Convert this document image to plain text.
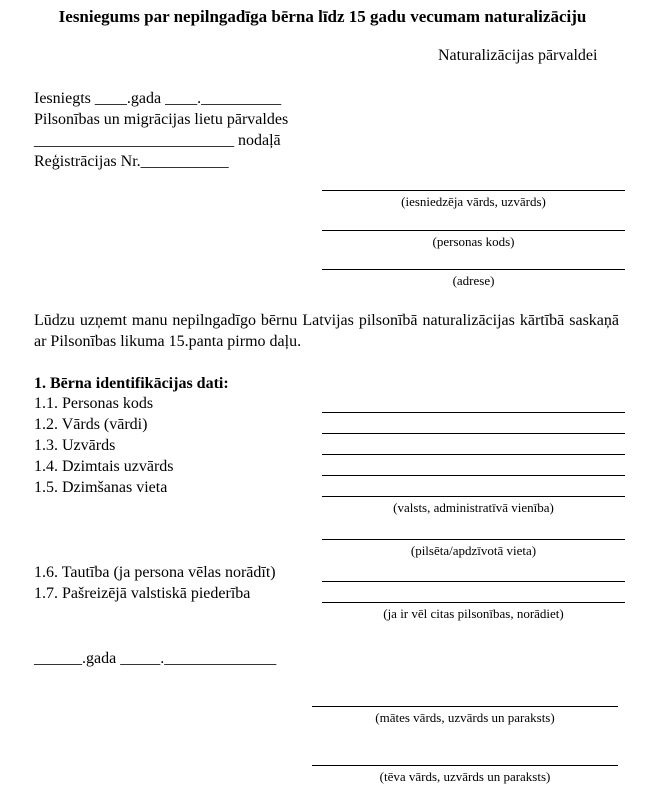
Iesniegums par nepilngadīga bērna līdz 15 gadu vecumam naturalizāciju
Naturalizācijas pārvaldei
Iesniegts ____.gada ____.__________
Pilsonības un migrācijas lietu pārvaldes
_________________________ nodaļā
Reģistrācijas Nr.___________
(iesniedzēja vārds, uzvārds)
(personas kods)
(adrese)
Lūdzu uzņemt manu nepilngadīgo bērnu Latvijas pilsonībā naturalizācijas kārtībā saskaņā ar Pilsonības likuma 15.panta pirmo daļu.
1. Bērna identifikācijas dati:
1.1. Personas kods
1.2. Vārds (vārdi)
1.3. Uzvārds
1.4. Dzimtais uzvārds
1.5. Dzimšanas vieta
(valsts, administratīvā vienība)
(pilsēta/apdzīvotā vieta)
1.6. Tautība (ja persona vēlas norādīt)
1.7. Pašreizējā valstiskā piederība
(ja ir vēl citas pilsonības, norādiet)
______.gada _____.______________
(mātes vārds, uzvārds un paraksts)
(tēva vārds, uzvārds un paraksts)
